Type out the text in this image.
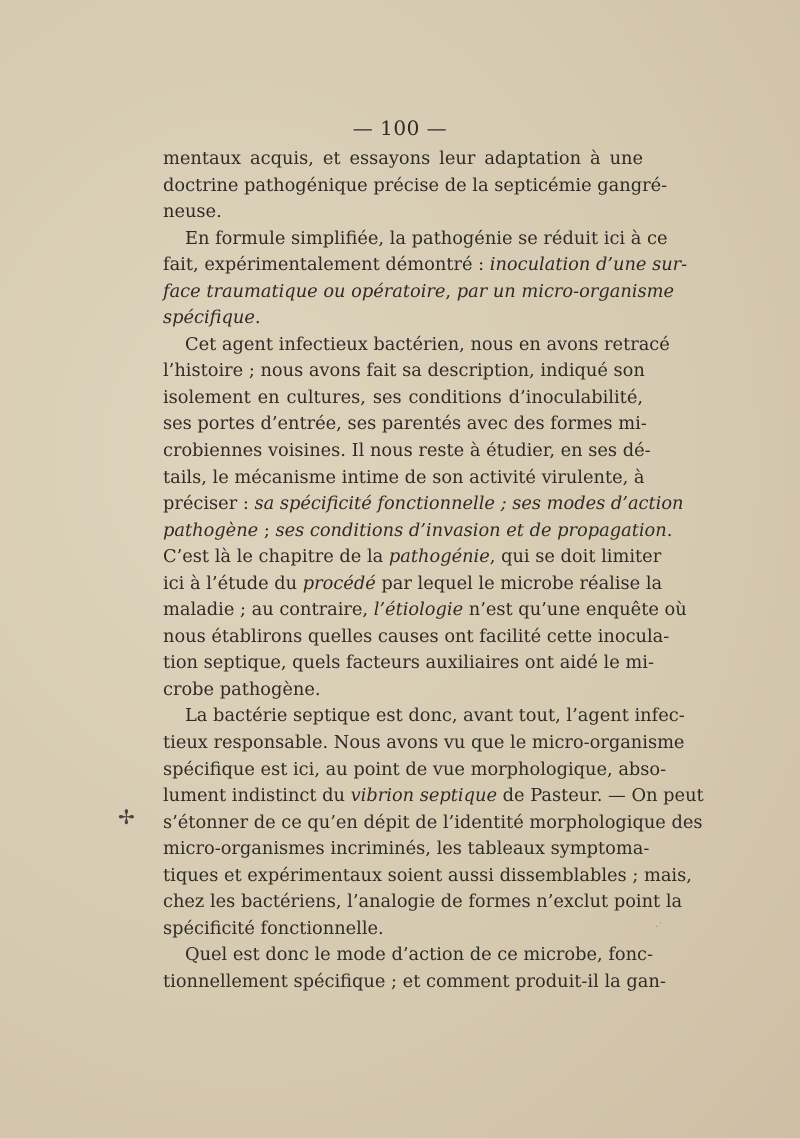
— 100 —
✢
·˙
mentaux acquis, et essayons leur adaptation à une
doctrine pathogénique précise de la septicémie gangré-
neuse.
En formule simplifiée, la pathogénie se réduit ici à ce
fait, expérimentalement démontré : inoculation d’une sur-
face traumatique ou opératoire, par un micro-organisme
spécifique.
Cet agent infectieux bactérien, nous en avons retracé
l’histoire ; nous avons fait sa description, indiqué son
isolement en cultures, ses conditions d’inoculabilité,
ses portes d’entrée, ses parentés avec des formes mi-
crobiennes voisines. Il nous reste à étudier, en ses dé-
tails, le mécanisme intime de son activité virulente, à
préciser : sa spécificité fonctionnelle ; ses modes d’action
pathogène ; ses conditions d’invasion et de propagation.
C’est là le chapitre de la pathogénie, qui se doit limiter
ici à l’étude du procédé par lequel le microbe réalise la
maladie ; au contraire, l’étiologie n’est qu’une enquête où
nous établirons quelles causes ont facilité cette inocula-
tion septique, quels facteurs auxiliaires ont aidé le mi-
crobe pathogène.
La bactérie septique est donc, avant tout, l’agent infec-
tieux responsable. Nous avons vu que le micro-organisme
spécifique est ici, au point de vue morphologique, abso-
lument indistinct du vibrion septique de Pasteur. — On peut
s’étonner de ce qu’en dépit de l’identité morphologique des
micro-organismes incriminés, les tableaux symptoma-
tiques et expérimentaux soient aussi dissemblables ; mais,
chez les bactériens, l’analogie de formes n’exclut point la
spécificité fonctionnelle.
Quel est donc le mode d’action de ce microbe, fonc-
tionnellement spécifique ; et comment produit-il la gan-
